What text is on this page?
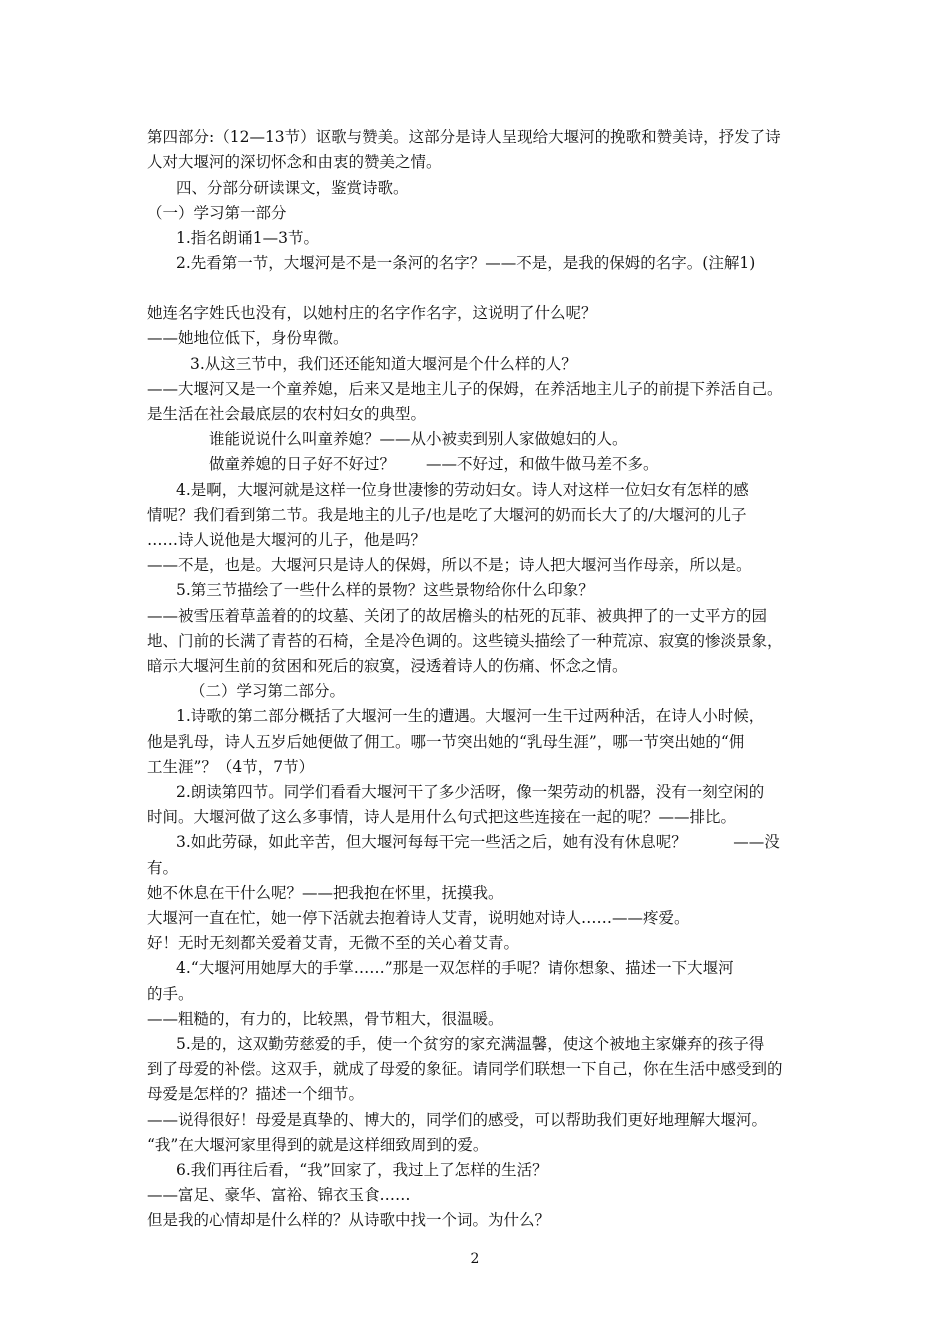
第四部分:（12—13节）讴歌与赞美。这部分是诗人呈现给大堰河的挽歌和赞美诗，抒发了诗
人对大堰河的深切怀念和由衷的赞美之情。
四、分部分研读课文，鉴赏诗歌。
（一）学习第一部分
1.指名朗诵1—3节。
2.先看第一节，大堰河是不是一条河的名字？——不是，是我的保姆的名字。(注解1)
她连名字姓氏也没有，以她村庄的名字作名字，这说明了什么呢？
——她地位低下，身份卑微。
3.从这三节中，我们还还能知道大堰河是个什么样的人？
——大堰河又是一个童养媳，后来又是地主儿子的保姆，在养活地主儿子的前提下养活自己。
是生活在社会最底层的农村妇女的典型。
谁能说说什么叫童养媳？——从小被卖到别人家做媳妇的人。
做童养媳的日子好不好过？　　——不好过，和做牛做马差不多。
4.是啊，大堰河就是这样一位身世凄惨的劳动妇女。诗人对这样一位妇女有怎样的感
情呢？我们看到第二节。我是地主的儿子/也是吃了大堰河的奶而长大了的/大堰河的儿子
……诗人说他是大堰河的儿子，他是吗？
——不是，也是。大堰河只是诗人的保姆，所以不是；诗人把大堰河当作母亲，所以是。
5.第三节描绘了一些什么样的景物？这些景物给你什么印象？
——被雪压着草盖着的的坟墓、关闭了的故居檐头的枯死的瓦菲、被典押了的一丈平方的园
地、门前的长满了青苔的石椅，全是冷色调的。这些镜头描绘了一种荒凉、寂寞的惨淡景象，
暗示大堰河生前的贫困和死后的寂寞，浸透着诗人的伤痛、怀念之情。
（二）学习第二部分。
1.诗歌的第二部分概括了大堰河一生的遭遇。大堰河一生干过两种活，在诗人小时候，
他是乳母，诗人五岁后她便做了佣工。哪一节突出她的“乳母生涯”，哪一节突出她的“佣
工生涯”？（4节，7节）
2.朗读第四节。同学们看看大堰河干了多少活呀，像一架劳动的机器，没有一刻空闲的
时间。大堰河做了这么多事情，诗人是用什么句式把这些连接在一起的呢？——排比。
3.如此劳碌，如此辛苦，但大堰河每每干完一些活之后，她有没有休息呢？　　　——没
有。
她不休息在干什么呢？——把我抱在怀里，抚摸我。
大堰河一直在忙，她一停下活就去抱着诗人艾青，说明她对诗人……——疼爱。
好！无时无刻都关爱着艾青，无微不至的关心着艾青。
4.“大堰河用她厚大的手掌……”那是一双怎样的手呢？请你想象、描述一下大堰河
的手。
——粗糙的，有力的，比较黑，骨节粗大，很温暖。
5.是的，这双勤劳慈爱的手，使一个贫穷的家充满温馨，使这个被地主家嫌弃的孩子得
到了母爱的补偿。这双手，就成了母爱的象征。请同学们联想一下自己，你在生活中感受到的
母爱是怎样的？描述一个细节。
——说得很好！母爱是真挚的、博大的，同学们的感受，可以帮助我们更好地理解大堰河。
“我”在大堰河家里得到的就是这样细致周到的爱。
6.我们再往后看，“我”回家了，我过上了怎样的生活？
——富足、豪华、富裕、锦衣玉食……
但是我的心情却是什么样的？从诗歌中找一个词。为什么？
2
